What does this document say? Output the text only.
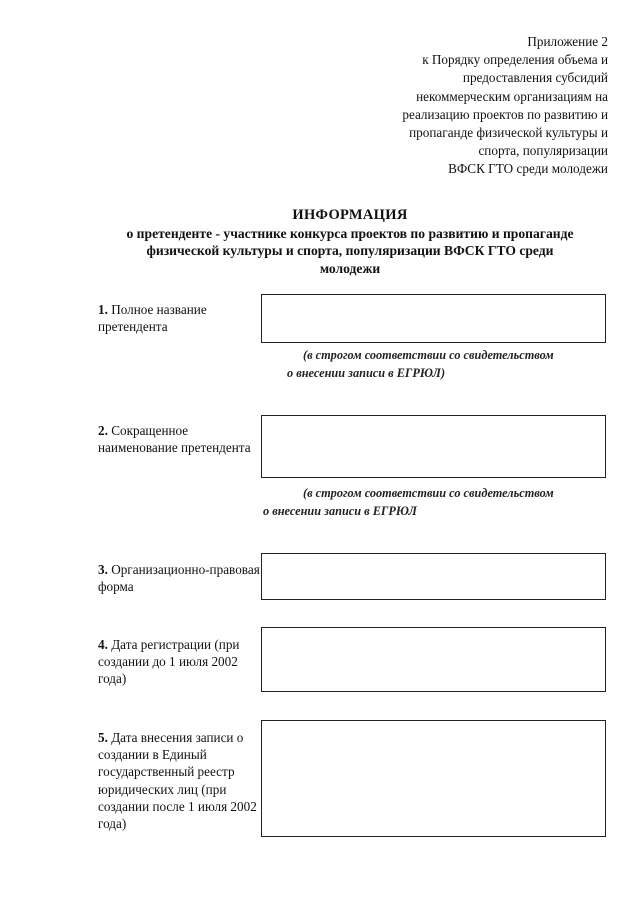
Приложение 2
к Порядку определения объема и
предоставления субсидий
некоммерческим организациям на
реализацию проектов по развитию и
пропаганде физической культуры и
спорта, популяризации
ВФСК ГТО среди молодежи
ИНФОРМАЦИЯ
о претенденте - участнике конкурса проектов по развитию и пропаганде
физической культуры и спорта, популяризации ВФСК ГТО среди
молодежи
1. Полное название претендента
(в строгом соответствии со свидетельством
о внесении записи в ЕГРЮЛ)
2. Сокращенное наименование претендента
(в строгом соответствии со свидетельством
о внесении записи в ЕГРЮЛ
3. Организационно-правовая форма
4. Дата регистрации (при создании до 1 июля 2002 года)
5. Дата внесения записи о создании в Единый государственный реестр юридических лиц (при создании после 1 июля 2002 года)
